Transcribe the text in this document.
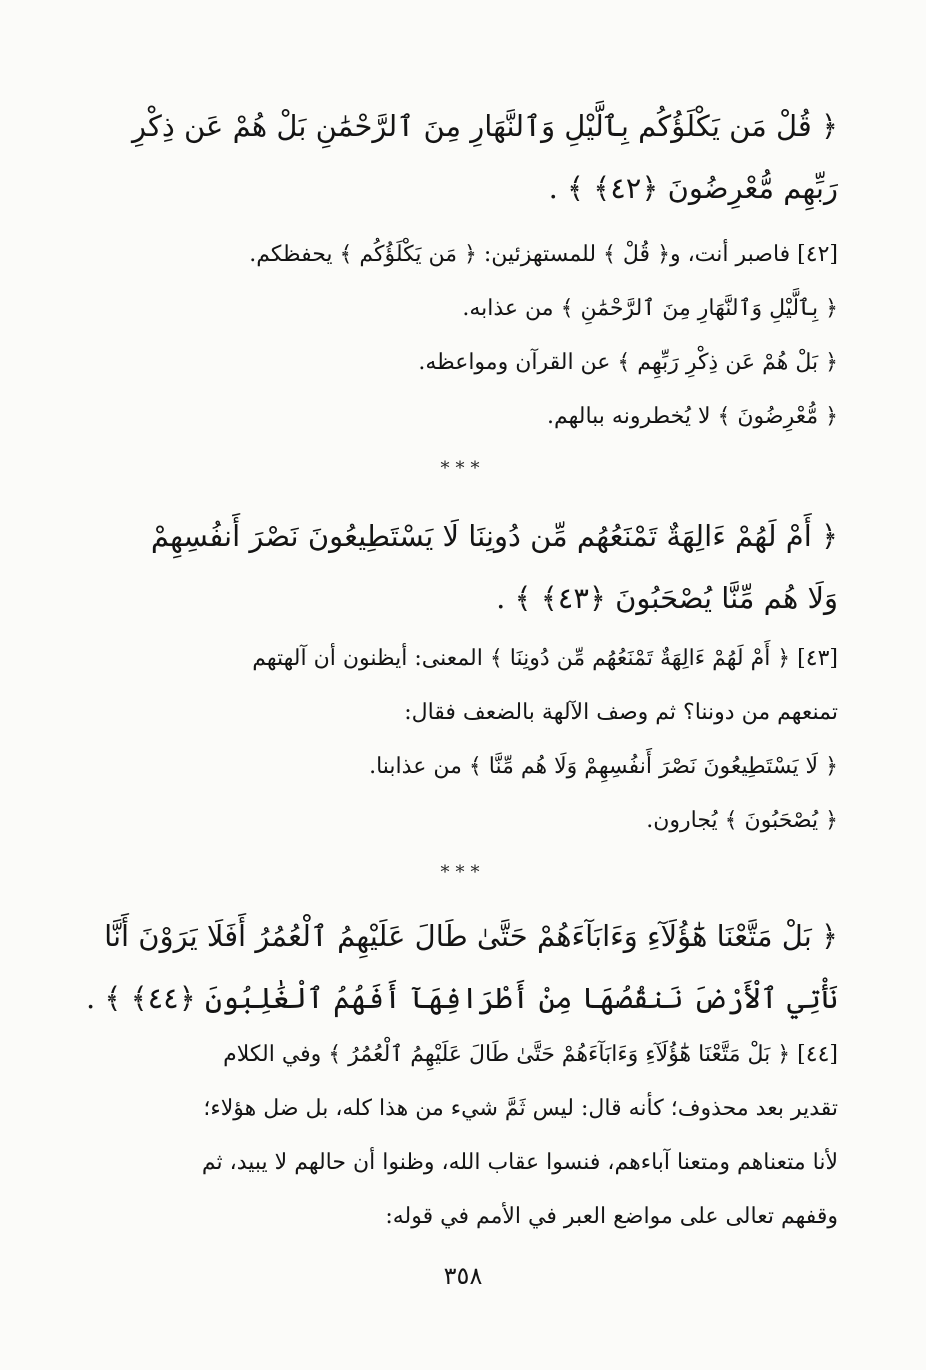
﴿ قُلْ مَن يَكْلَؤُكُم بِٱلَّيْلِ وَٱلنَّهَارِ مِنَ ٱلرَّحْمَٰنِ بَلْ هُمْ عَن ذِكْرِ
رَبِّهِم مُّعْرِضُونَ ﴿٤٢﴾ ﴾ .
[٤٢] فاصبر أنت، و﴿ قُلْ ﴾ للمستهزئين: ﴿ مَن يَكْلَؤُكُم ﴾ يحفظكم.
﴿ بِٱلَّيْلِ وَٱلنَّهَارِ مِنَ ٱلرَّحْمَٰنِ ﴾ من عذابه.
﴿ بَلْ هُمْ عَن ذِكْرِ رَبِّهِم ﴾ عن القرآن ومواعظه.
﴿ مُّعْرِضُونَ ﴾ لا يُخطرونه ببالهم.
***
﴿ أَمْ لَهُمْ ءَالِهَةٌ تَمْنَعُهُم مِّن دُونِنَا لَا يَسْتَطِيعُونَ نَصْرَ أَنفُسِهِمْ
وَلَا هُم مِّنَّا يُصْحَبُونَ ﴿٤٣﴾ ﴾ .
[٤٣] ﴿ أَمْ لَهُمْ ءَالِهَةٌ تَمْنَعُهُم مِّن دُونِنَا ﴾ المعنى: أيظنون أن آلهتهم
تمنعهم من دوننا؟ ثم وصف الآلهة بالضعف فقال:
﴿ لَا يَسْتَطِيعُونَ نَصْرَ أَنفُسِهِمْ وَلَا هُم مِّنَّا ﴾ من عذابنا.
﴿ يُصْحَبُونَ ﴾ يُجارون.
***
﴿ بَلْ مَتَّعْنَا هَٰٓؤُلَآءِ وَءَابَآءَهُمْ حَتَّىٰ طَالَ عَلَيْهِمُ ٱلْعُمُرُ أَفَلَا يَرَوْنَ أَنَّا
نَأْتِي ٱلْأَرْضَ نَنقُصُهَا مِنْ أَطْرَافِهَآ أَفَهُمُ ٱلْغَٰلِبُونَ ﴿٤٤﴾ ﴾ .
[٤٤] ﴿ بَلْ مَتَّعْنَا هَٰٓؤُلَآءِ وَءَابَآءَهُمْ حَتَّىٰ طَالَ عَلَيْهِمُ ٱلْعُمُرُ ﴾ وفي الكلام
تقدير بعد محذوف؛ كأنه قال: ليس ثَمَّ شيء من هذا كله، بل ضل هؤلاء؛
لأنا متعناهم ومتعنا آباءهم، فنسوا عقاب الله، وظنوا أن حالهم لا يبيد، ثم
وقفهم تعالى على مواضع العبر في الأمم في قوله:
٣٥٨
